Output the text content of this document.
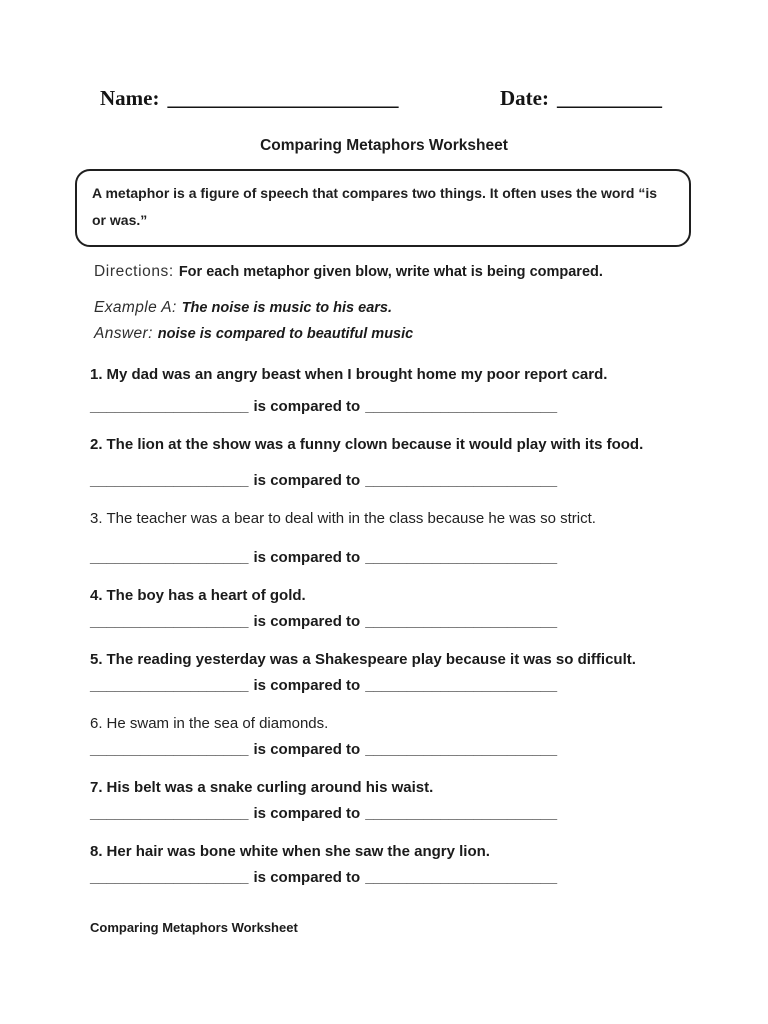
Name: ______________________	Date: __________
Comparing Metaphors Worksheet
A metaphor is a figure of speech that compares two things. It often uses the word “is or was.”
Directions: For each metaphor given blow, write what is being compared.
Example A: The noise is music to his ears.
Answer: noise is compared to beautiful music
1. My dad was an angry beast when I brought home my poor report card.
___________________ is compared to _______________________
2. The lion at the show was a funny clown because it would play with its food.
___________________ is compared to _______________________
3. The teacher was a bear to deal with in the class because he was so strict.
___________________ is compared to _______________________
4. The boy has a heart of gold.
___________________ is compared to _______________________
5. The reading yesterday was a Shakespeare play because it was so difficult.
___________________ is compared to _______________________
6. He swam in the sea of diamonds.
___________________ is compared to _______________________
7. His belt was a snake curling around his waist.
___________________ is compared to _______________________
8. Her hair was bone white when she saw the angry lion.
___________________ is compared to _______________________
Comparing Metaphors Worksheet
